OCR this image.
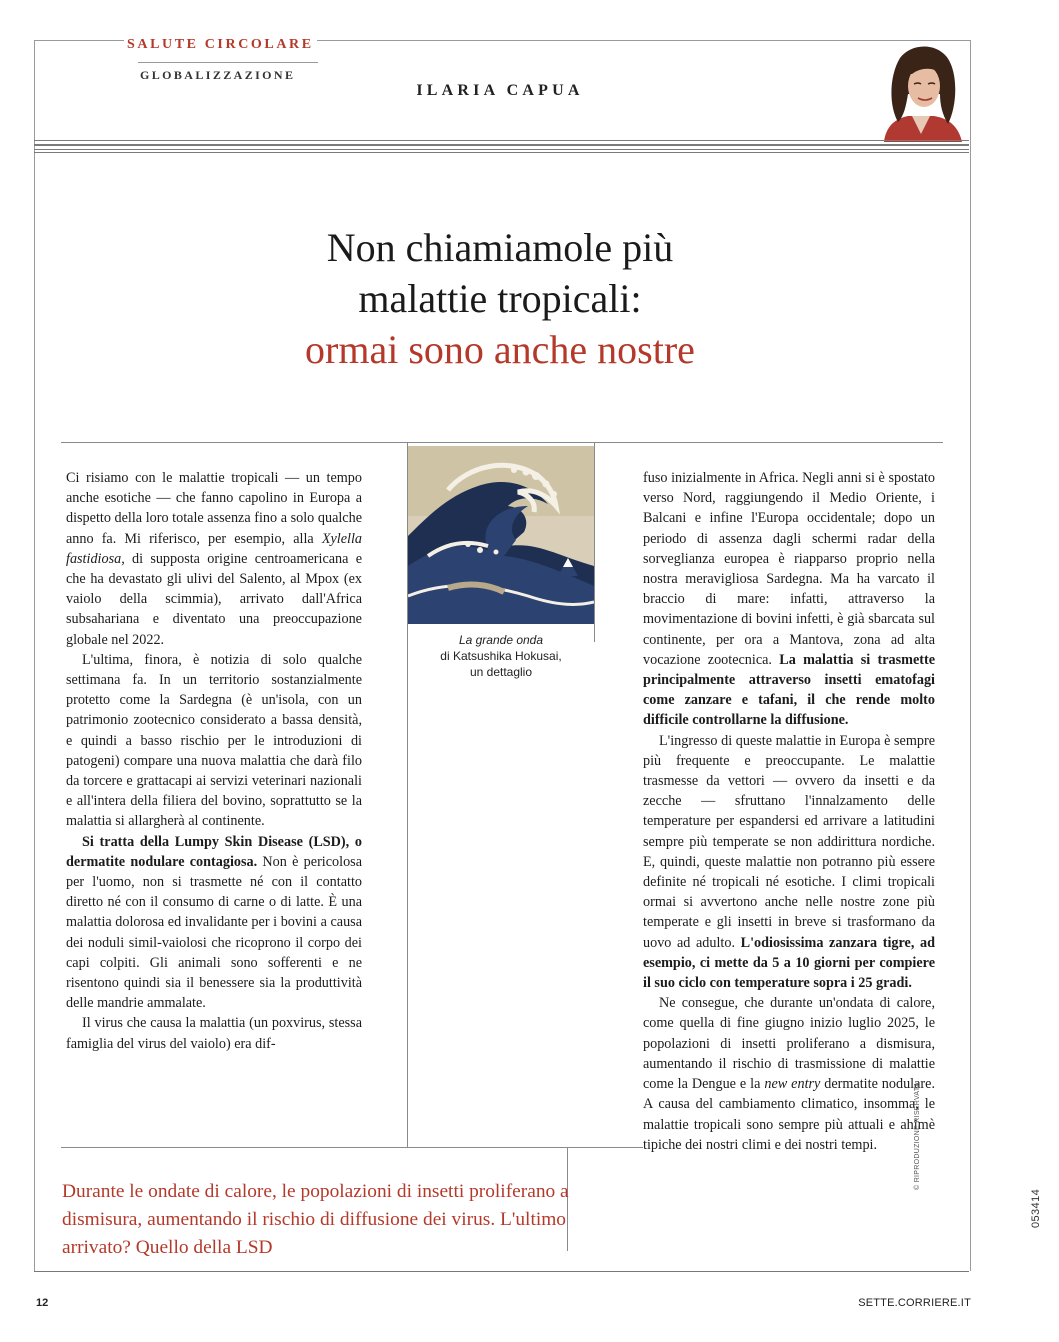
SALUTE CIRCOLARE
GLOBALIZZAZIONE
ILARIA CAPUA
Non chiamiamole più
malattie tropicali:
ormai sono anche nostre

Ci risiamo con le malattie tropicali — un tempo anche esotiche — che fanno capolino in Europa a dispetto della loro totale assenza fino a solo qualche anno fa. Mi riferisco, per esempio, alla Xylella fastidiosa, di supposta origine centroamericana e che ha devastato gli ulivi del Salento, al Mpox (ex vaiolo della scimmia), arrivato dall'Africa subsahariana e diventato una preoccupazione globale nel 2022.

L'ultima, finora, è notizia di solo qualche settimana fa. In un territorio sostanzialmente protetto come la Sardegna (è un'isola, con un patrimonio zootecnico considerato a bassa densità, e quindi a basso rischio per le introduzioni di patogeni) compare una nuova malattia che darà filo da torcere e grattacapi ai servizi veterinari nazionali e all'intera della filiera del bovino, soprattutto se la malattia si allargherà al continente.

Si tratta della Lumpy Skin Disease (LSD), o dermatite nodulare contagiosa. Non è pericolosa per l'uomo, non si trasmette né con il contatto diretto né con il consumo di carne o di latte. È una malattia dolorosa ed invalidante per i bovini a causa dei noduli simil-vaiolosi che ricoprono il corpo dei capi colpiti. Gli animali sono sofferenti e ne risentono quindi sia il benessere sia la produttività delle mandrie ammalate.

Il virus che causa la malattia (un poxvirus, stessa famiglia del virus del vaiolo) era dif-

La grande onda
di Katsushika Hokusai,
un dettaglio

fuso inizialmente in Africa. Negli anni si è spostato verso Nord, raggiungendo il Medio Oriente, i Balcani e infine l'Europa occidentale; dopo un periodo di assenza dagli schermi radar della sorveglianza europea è riapparso proprio nella nostra meravigliosa Sardegna. Ma ha varcato il braccio di mare: infatti, attraverso la movimentazione di bovini infetti, è già sbarcata sul continente, per ora a Mantova, zona ad alta vocazione zootecnica. La malattia si trasmette principalmente attraverso insetti ematofagi come zanzare e tafani, il che rende molto difficile controllarne la diffusione.

L'ingresso di queste malattie in Europa è sempre più frequente e preoccupante. Le malattie trasmesse da vettori — ovvero da insetti e da zecche — sfruttano l'innalzamento delle temperature per espandersi ed arrivare a latitudini sempre più temperate se non addirittura nordiche. E, quindi, queste malattie non potranno più essere definite né tropicali né esotiche. I climi tropicali ormai si avvertono anche nelle nostre zone più temperate e gli insetti in breve si trasformano da uovo ad adulto. L'odiosissima zanzara tigre, ad esempio, ci mette da 5 a 10 giorni per compiere il suo ciclo con temperature sopra i 25 gradi.

Ne consegue, che durante un'ondata di calore, come quella di fine giugno inizio luglio 2025, le popolazioni di insetti proliferano a dismisura, aumentando il rischio di trasmissione di malattie come la Dengue e la new entry dermatite nodulare. A causa del cambiamento climatico, insomma, le malattie tropicali sono sempre più attuali e ahimè tipiche dei nostri climi e dei nostri tempi.

Durante le ondate di calore, le popolazioni di insetti proliferano a dismisura, aumentando il rischio di diffusione dei virus. L'ultimo arrivato? Quello della LSD
© RIPRODUZIONE RISERVATA
053414
12	SETTE.CORRIERE.IT
